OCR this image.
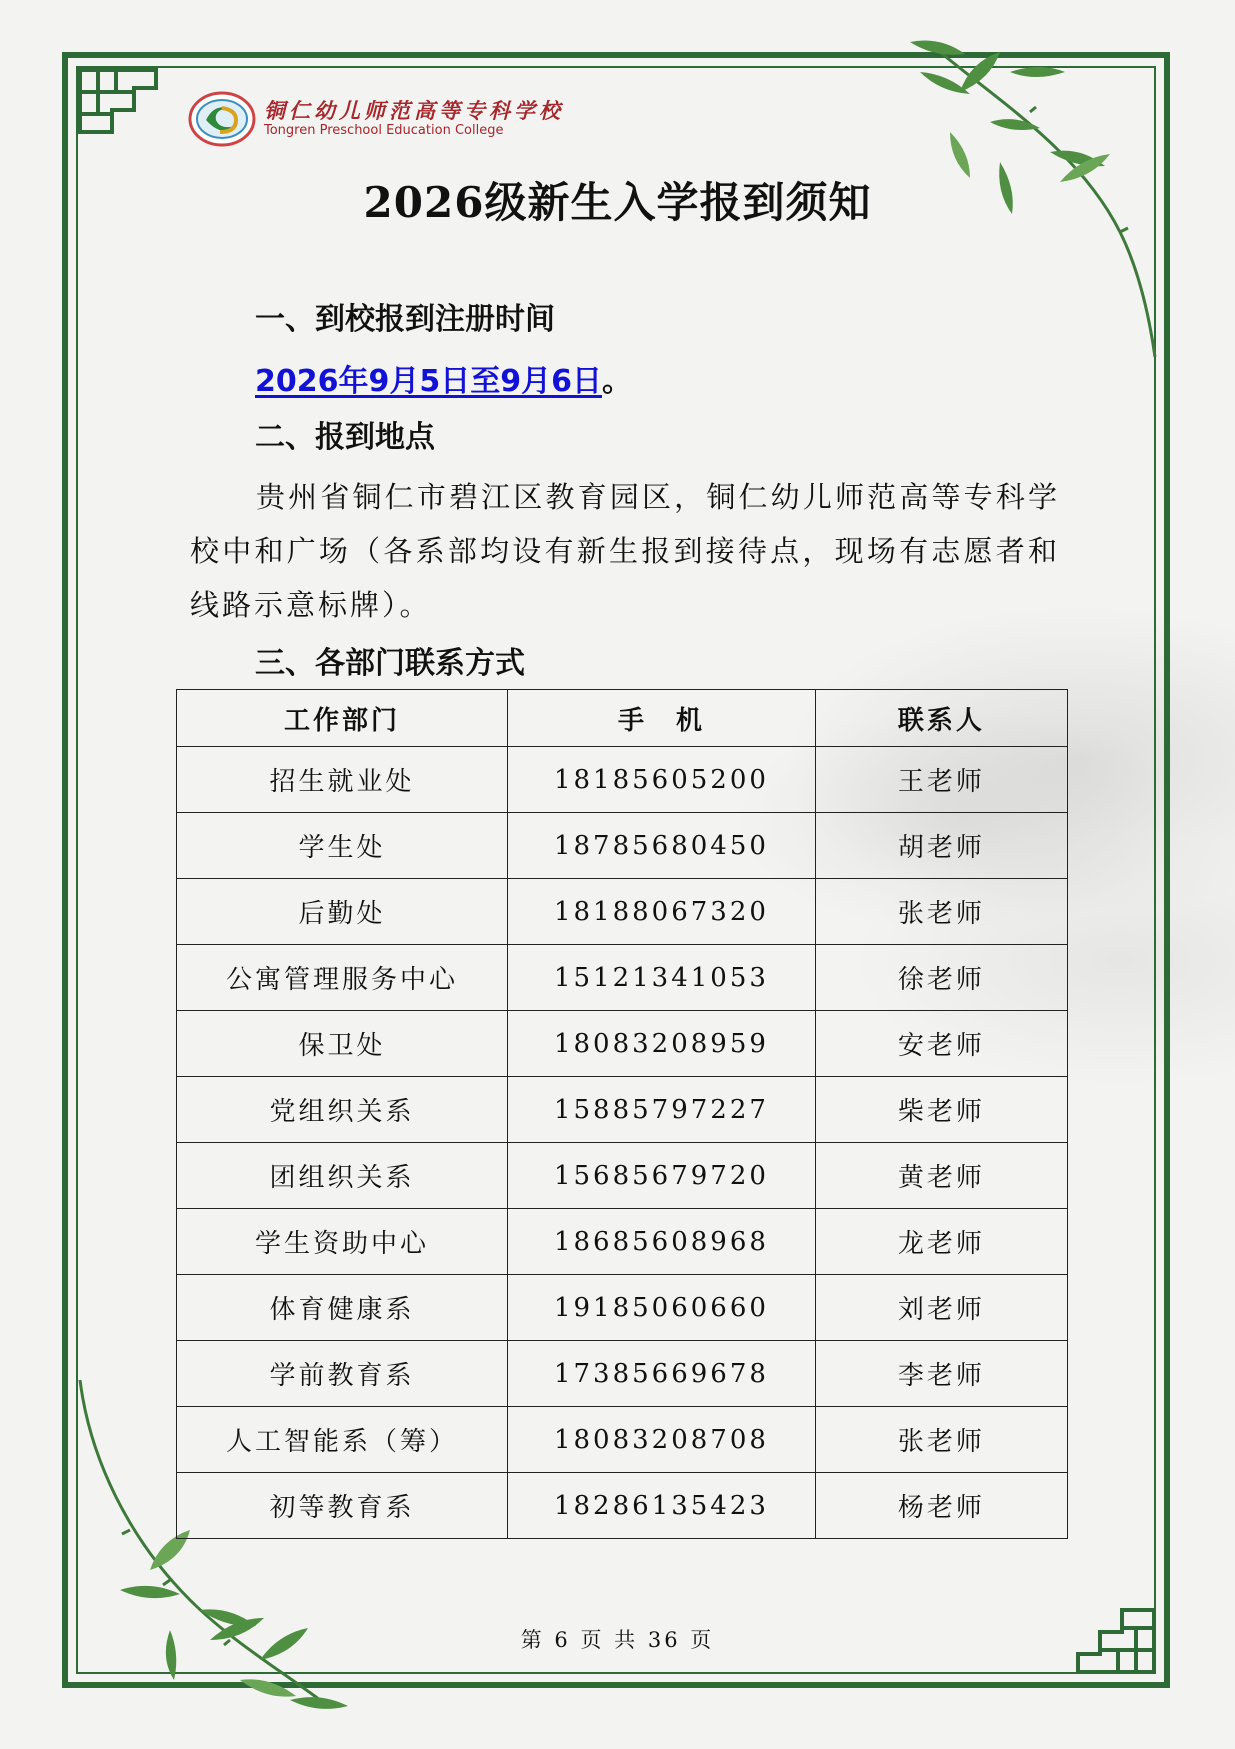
铜仁幼儿师范高等专科学校
Tongren Preschool Education College
2026级新生入学报到须知
一、到校报到注册时间
2026年9月5日至9月6日。
二、报到地点
贵州省铜仁市碧江区教育园区，铜仁幼儿师范高等专科学校中和广场（各系部均设有新生报到接待点，现场有志愿者和线路示意标牌）。
三、各部门联系方式
工作部门	手　机	联系人
招生就业处	18185605200	王老师
学生处	18785680450	胡老师
后勤处	18188067320	张老师
公寓管理服务中心	15121341053	徐老师
保卫处	18083208959	安老师
党组织关系	15885797227	柴老师
团组织关系	15685679720	黄老师
学生资助中心	18685608968	龙老师
体育健康系	19185060660	刘老师
学前教育系	17385669678	李老师
人工智能系（筹）	18083208708	张老师
初等教育系	18286135423	杨老师
第 6 页 共 36 页
